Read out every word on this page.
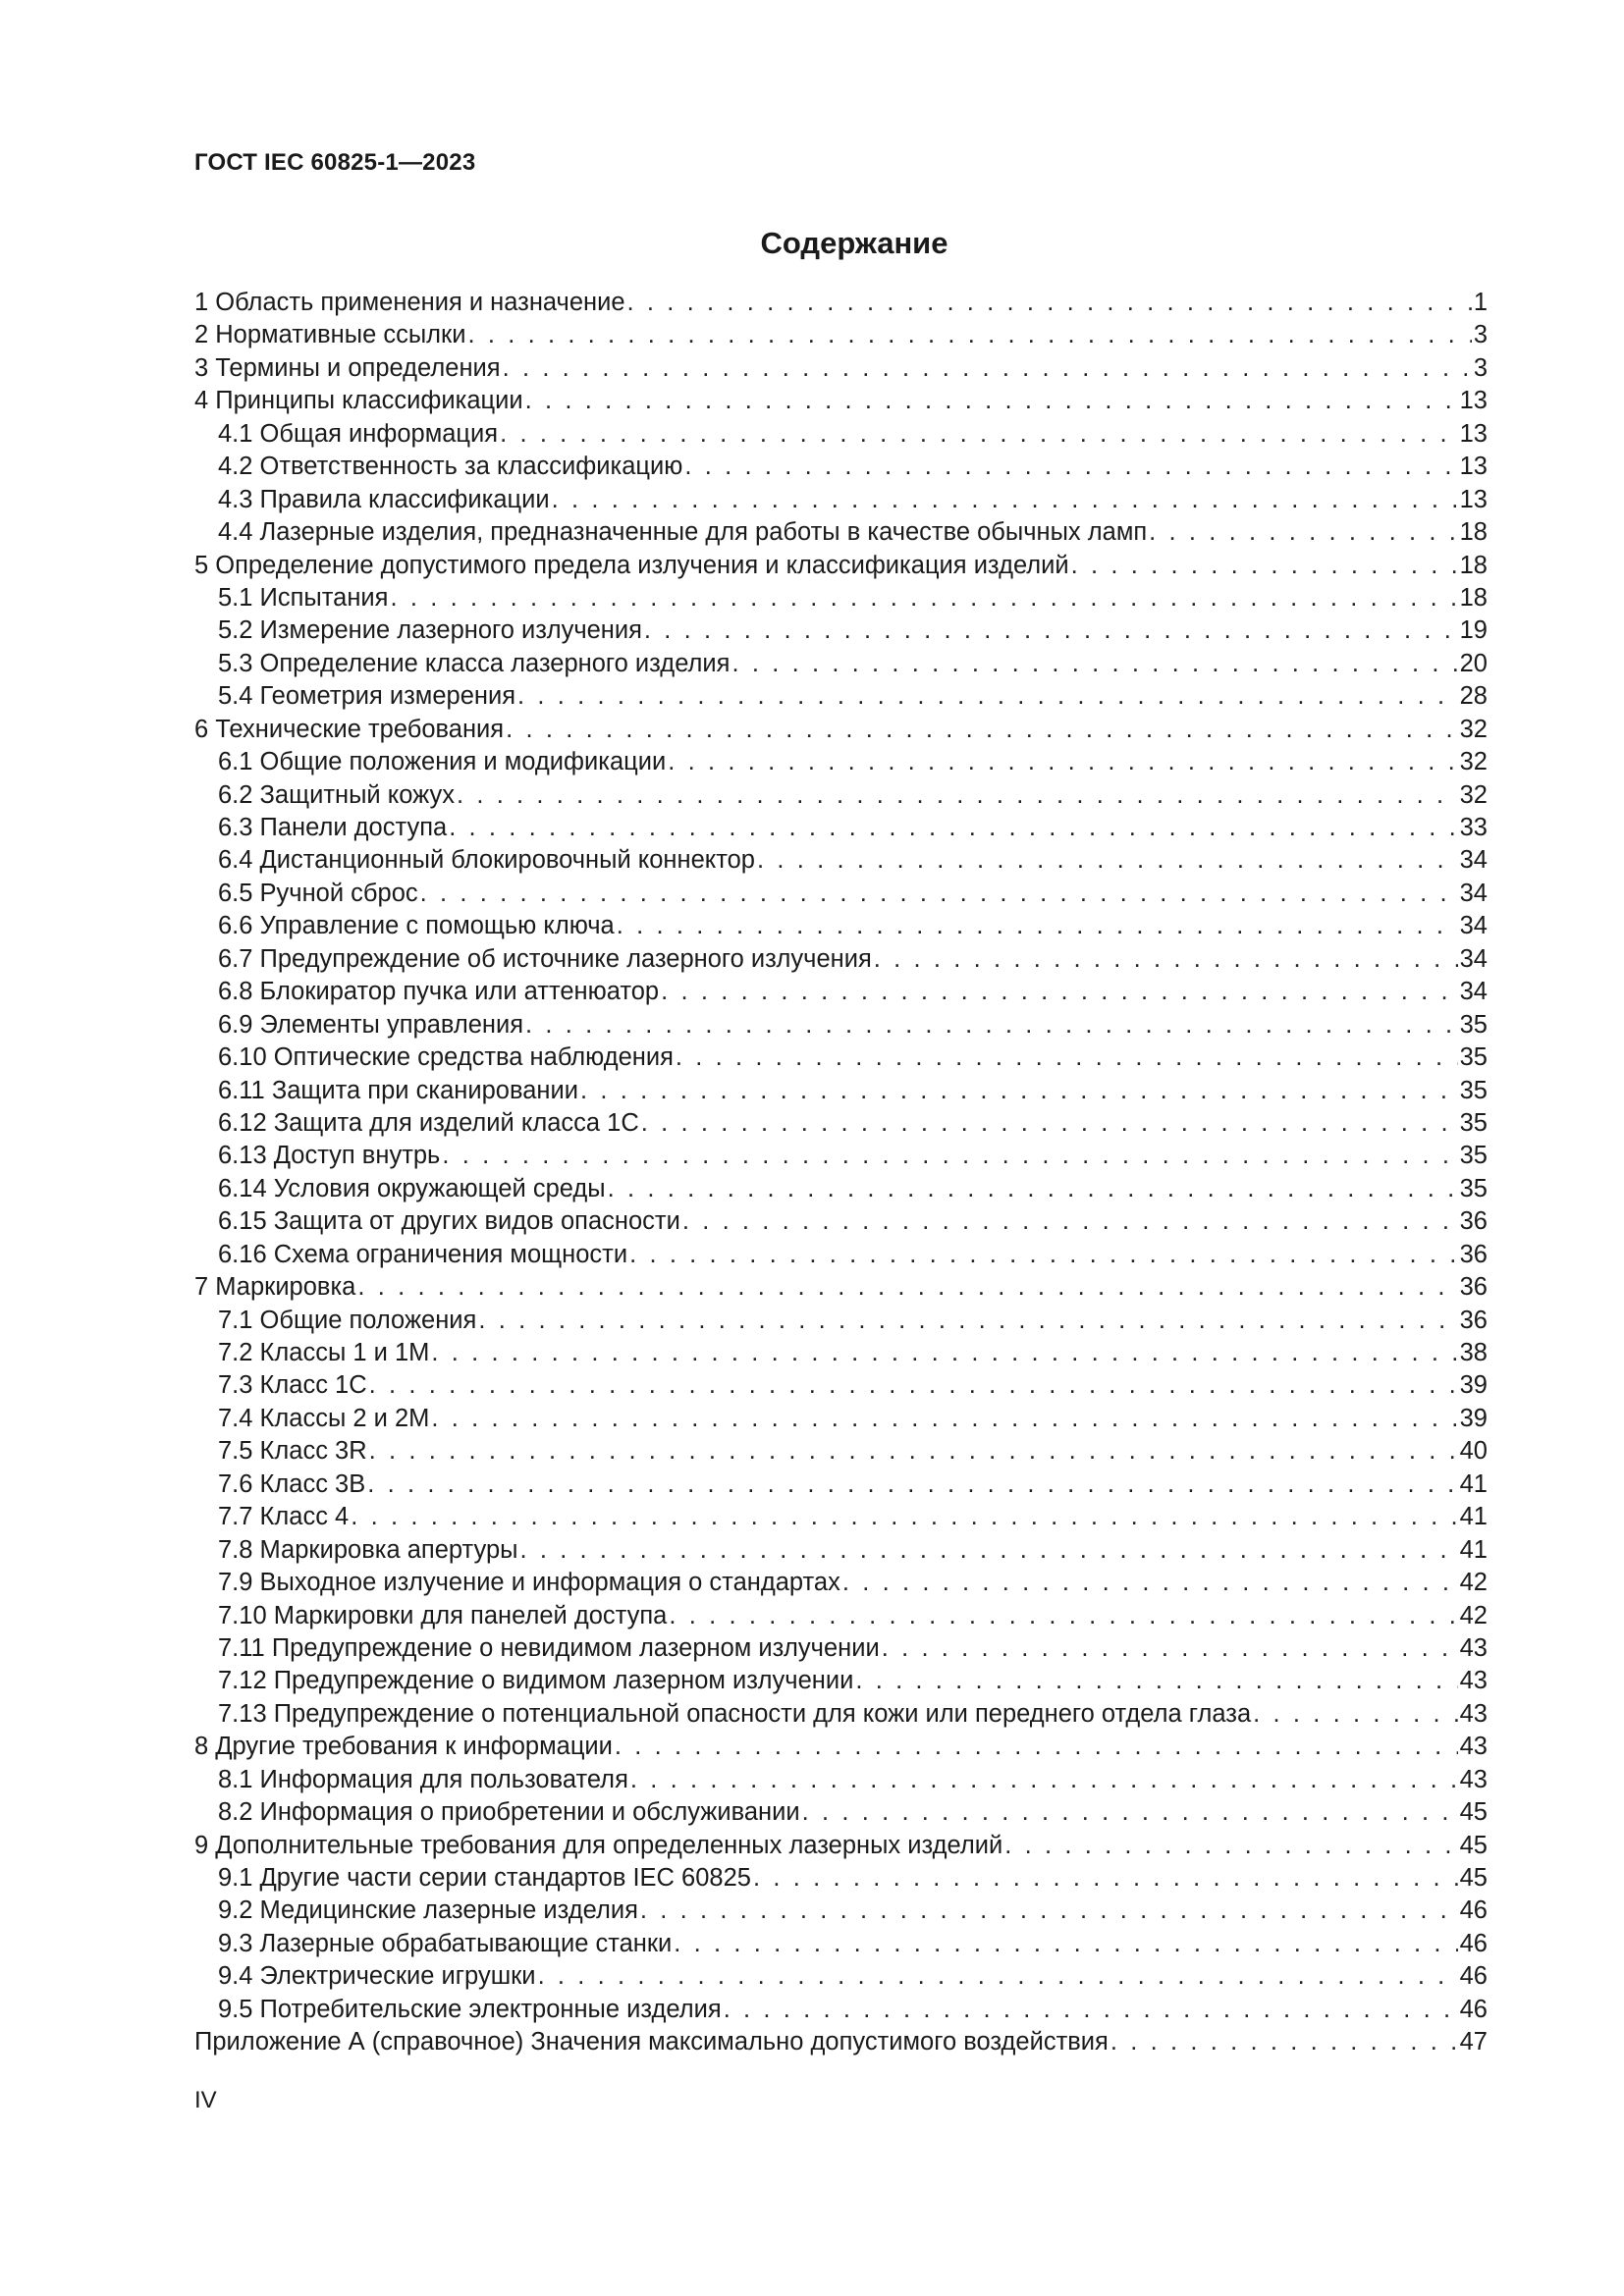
ГОСТ IEC 60825-1—2023
Содержание
1 Область применения и назначение . . .	1
2 Нормативные ссылки . . .	3
3 Термины и определения . . .	3
4 Принципы классификации . . .	13
4.1 Общая информация . . .	13
4.2 Ответственность за классификацию . . .	13
4.3 Правила классификации . . .	13
4.4 Лазерные изделия, предназначенные для работы в качестве обычных ламп . . .	18
5 Определение допустимого предела излучения и классификация изделий . . .	18
5.1 Испытания . . .	18
5.2 Измерение лазерного излучения . . .	19
5.3 Определение класса лазерного изделия . . .	20
5.4 Геометрия измерения . . .	28
6 Технические требования . . .	32
6.1 Общие положения и модификации . . .	32
6.2 Защитный кожух . . .	32
6.3 Панели доступа . . .	33
6.4 Дистанционный блокировочный коннектор . . .	34
6.5 Ручной сброс . . .	34
6.6 Управление с помощью ключа . . .	34
6.7 Предупреждение об источнике лазерного излучения . . .	34
6.8 Блокиратор пучка или аттенюатор . . .	34
6.9 Элементы управления . . .	35
6.10 Оптические средства наблюдения . . .	35
6.11 Защита при сканировании . . .	35
6.12 Защита для изделий класса 1С . . .	35
6.13 Доступ внутрь . . .	35
6.14 Условия окружающей среды . . .	35
6.15 Защита от других видов опасности . . .	36
6.16 Схема ограничения мощности . . .	36
7 Маркировка . . .	36
7.1 Общие положения . . .	36
7.2 Классы 1 и 1М . . .	38
7.3 Класс 1С . . .	39
7.4 Классы 2 и 2М . . .	39
7.5 Класс 3R . . .	40
7.6 Класс 3В . . .	41
7.7 Класс 4 . . .	41
7.8 Маркировка апертуры . . .	41
7.9 Выходное излучение и информация о стандартах . . .	42
7.10 Маркировки для панелей доступа . . .	42
7.11 Предупреждение о невидимом лазерном излучении . . .	43
7.12 Предупреждение о видимом лазерном излучении . . .	43
7.13 Предупреждение о потенциальной опасности для кожи или переднего отдела глаза . . .	43
8 Другие требования к информации . . .	43
8.1 Информация для пользователя . . .	43
8.2 Информация о приобретении и обслуживании . . .	45
9 Дополнительные требования для определенных лазерных изделий . . .	45
9.1 Другие части серии стандартов IEC 60825 . . .	45
9.2 Медицинские лазерные изделия . . .	46
9.3 Лазерные обрабатывающие станки . . .	46
9.4 Электрические игрушки . . .	46
9.5 Потребительские электронные изделия . . .	46
Приложение А (справочное) Значения максимально допустимого воздействия . . .	47
IV
